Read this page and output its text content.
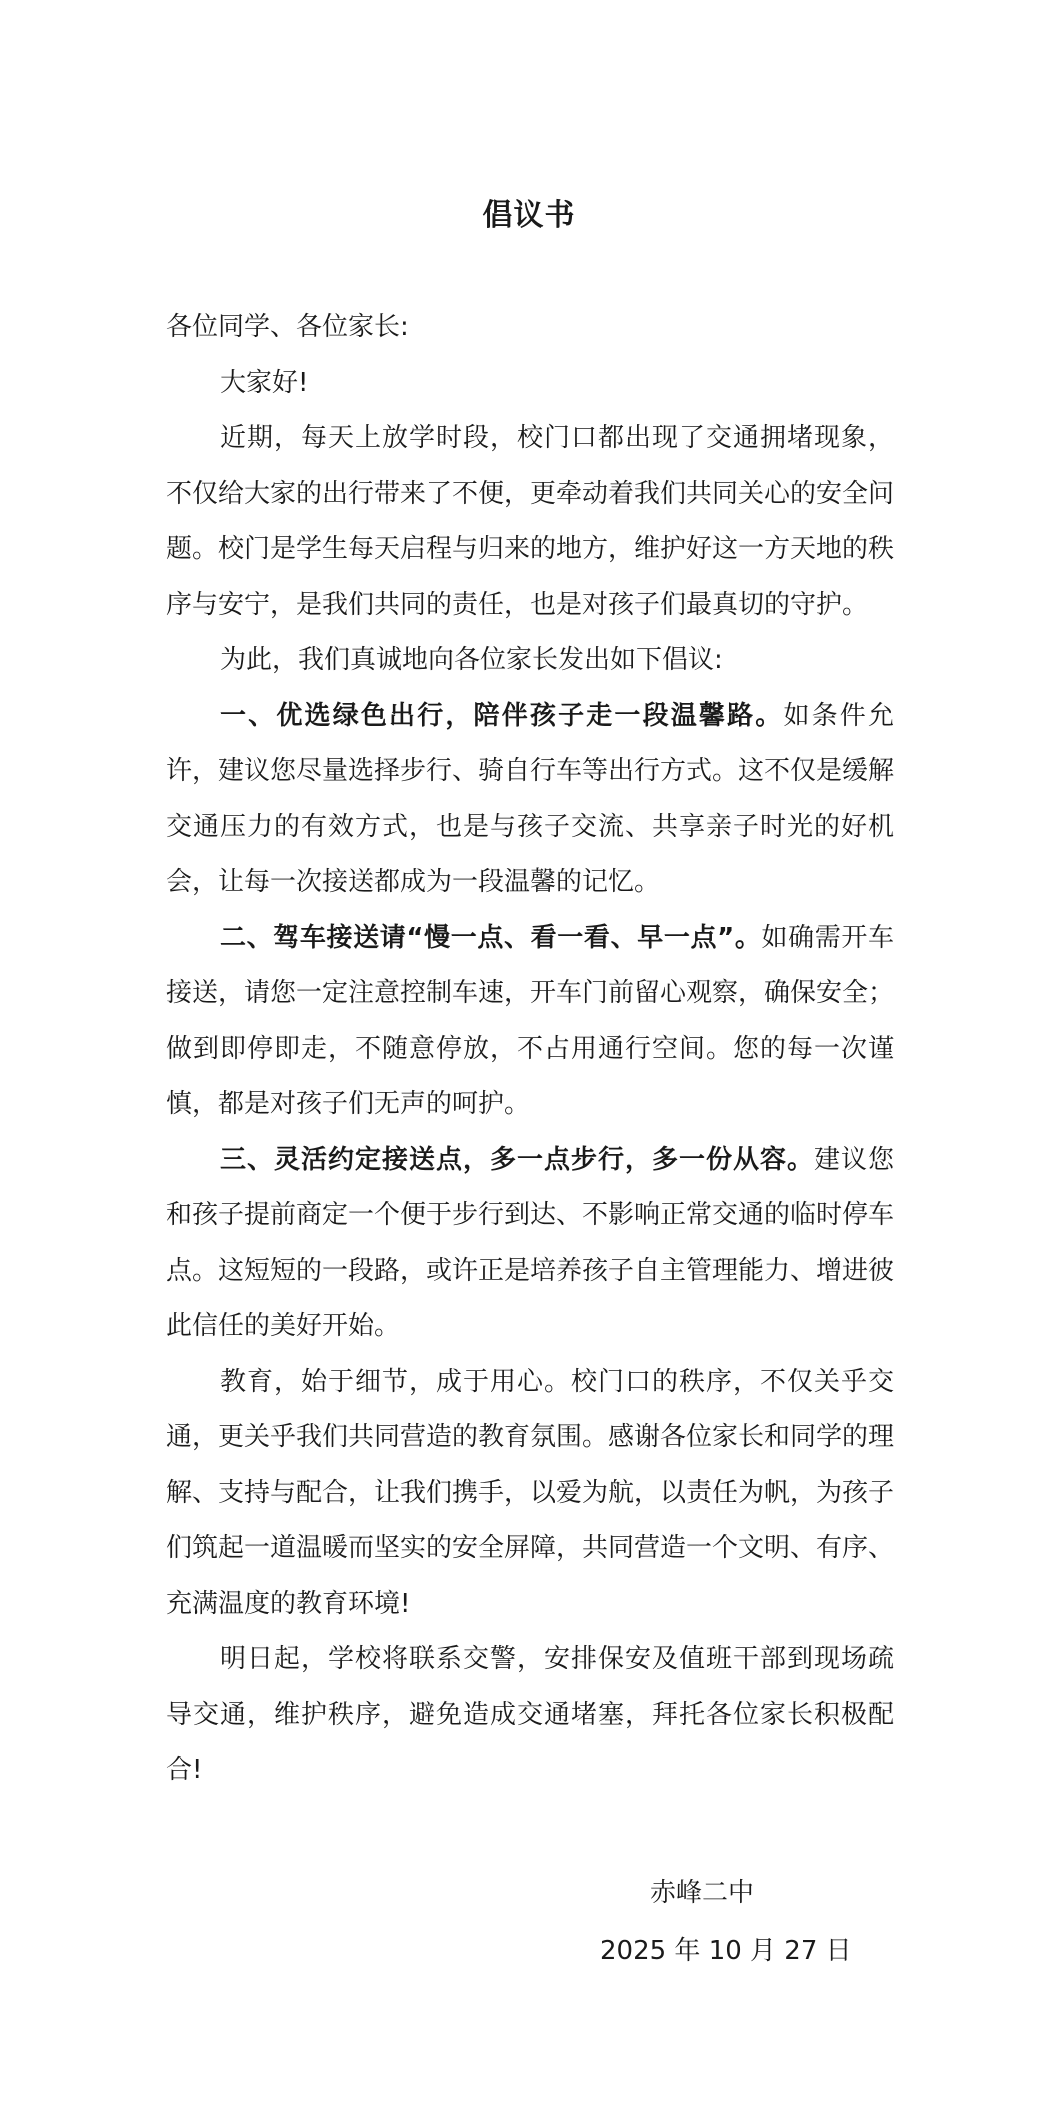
倡议书

各位同学、各位家长:

大家好!

近期，每天上放学时段，校门口都出现了交通拥堵现象，不仅给大家的出行带来了不便，更牵动着我们共同关心的安全问题。校门是学生每天启程与归来的地方，维护好这一方天地的秩序与安宁，是我们共同的责任，也是对孩子们最真切的守护。

为此，我们真诚地向各位家长发出如下倡议:

一、优选绿色出行，陪伴孩子走一段温馨路。如条件允许，建议您尽量选择步行、骑自行车等出行方式。这不仅是缓解交通压力的有效方式，也是与孩子交流、共享亲子时光的好机会，让每一次接送都成为一段温馨的记忆。

二、驾车接送请“慢一点、看一看、早一点”。如确需开车接送，请您一定注意控制车速，开车门前留心观察，确保安全；做到即停即走，不随意停放，不占用通行空间。您的每一次谨慎，都是对孩子们无声的呵护。

三、灵活约定接送点，多一点步行，多一份从容。建议您和孩子提前商定一个便于步行到达、不影响正常交通的临时停车点。这短短的一段路，或许正是培养孩子自主管理能力、增进彼此信任的美好开始。

教育，始于细节，成于用心。校门口的秩序，不仅关乎交通，更关乎我们共同营造的教育氛围。感谢各位家长和同学的理解、支持与配合，让我们携手，以爱为航，以责任为帆，为孩子们筑起一道温暖而坚实的安全屏障，共同营造一个文明、有序、充满温度的教育环境!

明日起，学校将联系交警，安排保安及值班干部到现场疏导交通，维护秩序，避免造成交通堵塞，拜托各位家长积极配合!

赤峰二中
2025 年 10 月 27 日
